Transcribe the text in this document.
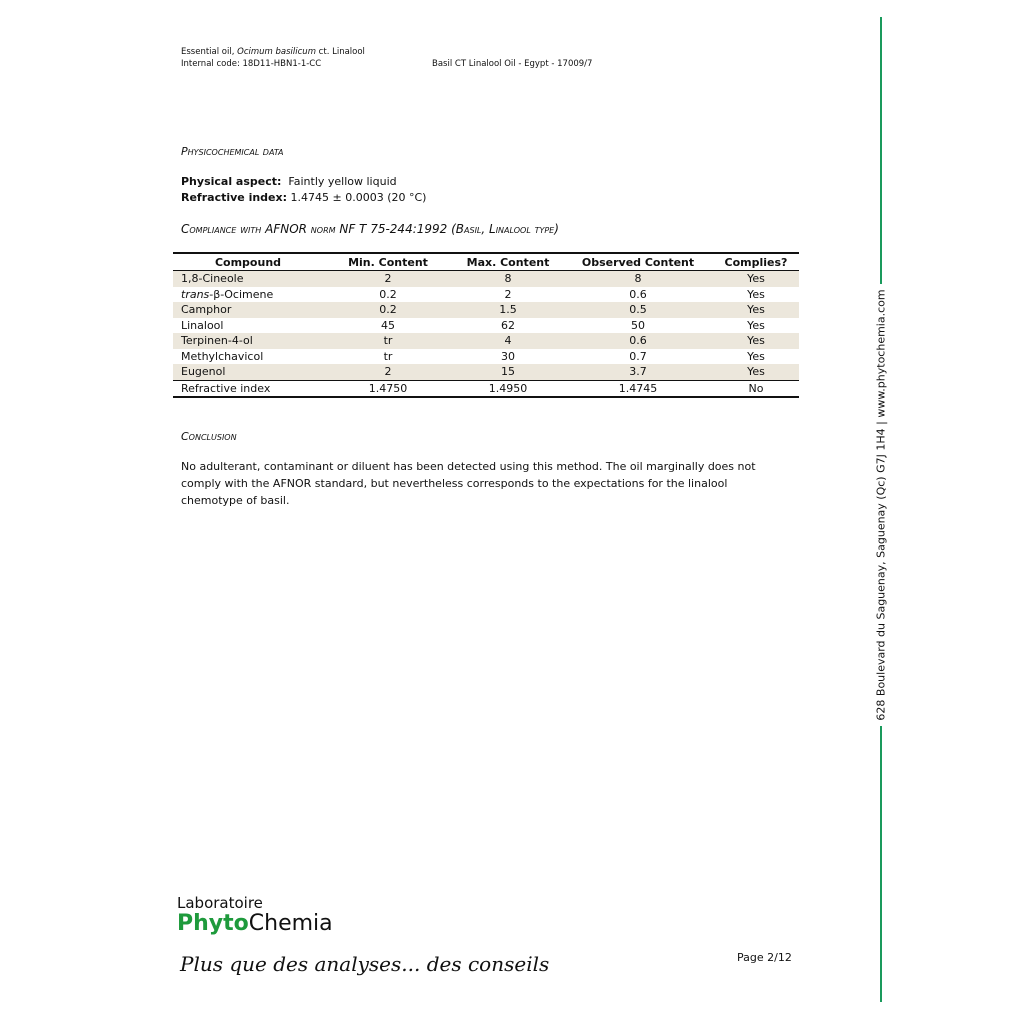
Essential oil, Ocimum basilicum ct. Linalool
Internal code: 18D11-HBN1-1-CC	Basil CT Linalool Oil - Egypt - 17009/7
Physicochemical data
Physical aspect: Faintly yellow liquid
Refractive index: 1.4745 ± 0.0003 (20 °C)
Compliance with AFNOR norm NF T 75-244:1992 (Basil, Linalool type)
Compound	Min. Content	Max. Content	Observed Content	Complies?
1,8-Cineole	2	8	8	Yes
trans-β-Ocimene	0.2	2	0.6	Yes
Camphor	0.2	1.5	0.5	Yes
Linalool	45	62	50	Yes
Terpinen-4-ol	tr	4	0.6	Yes
Methylchavicol	tr	30	0.7	Yes
Eugenol	2	15	3.7	Yes
Refractive index	1.4750	1.4950	1.4745	No
Conclusion
No adulterant, contaminant or diluent has been detected using this method. The oil marginally does not comply with the AFNOR standard, but nevertheless corresponds to the expectations for the linalool chemotype of basil.	628 Boulevard du Saguenay, Saguenay (Qc) G7J 1H4 | www.phytochemia.com
Laboratoire
PhytoChemia
Plus que des analyses... des conseils	Page 2/12
